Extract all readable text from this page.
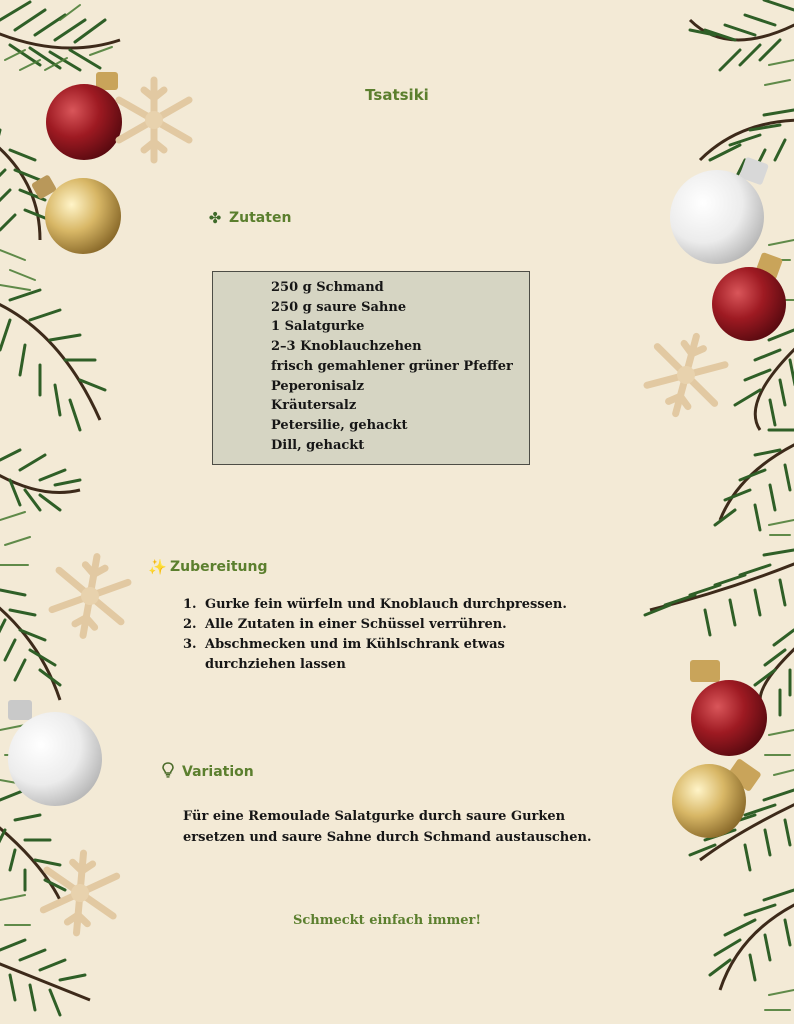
Tsatsiki
✤ Zutaten
250 g Schmand
250 g saure Sahne
1 Salatgurke
2–3 Knoblauchzehen
frisch gemahlener grüner Pfeffer
Peperonisalz
Kräutersalz
Petersilie, gehackt
Dill, gehackt
✨ Zubereitung
1. Gurke fein würfeln und Knoblauch durchpressen.
2. Alle Zutaten in einer Schüssel verrühren.
3. Abschmecken und im Kühlschrank etwas durchziehen lassen
Variation

Für eine Remoulade Salatgurke durch saure Gurken ersetzen und saure Sahne durch Schmand austauschen.

Schmeckt einfach immer!
